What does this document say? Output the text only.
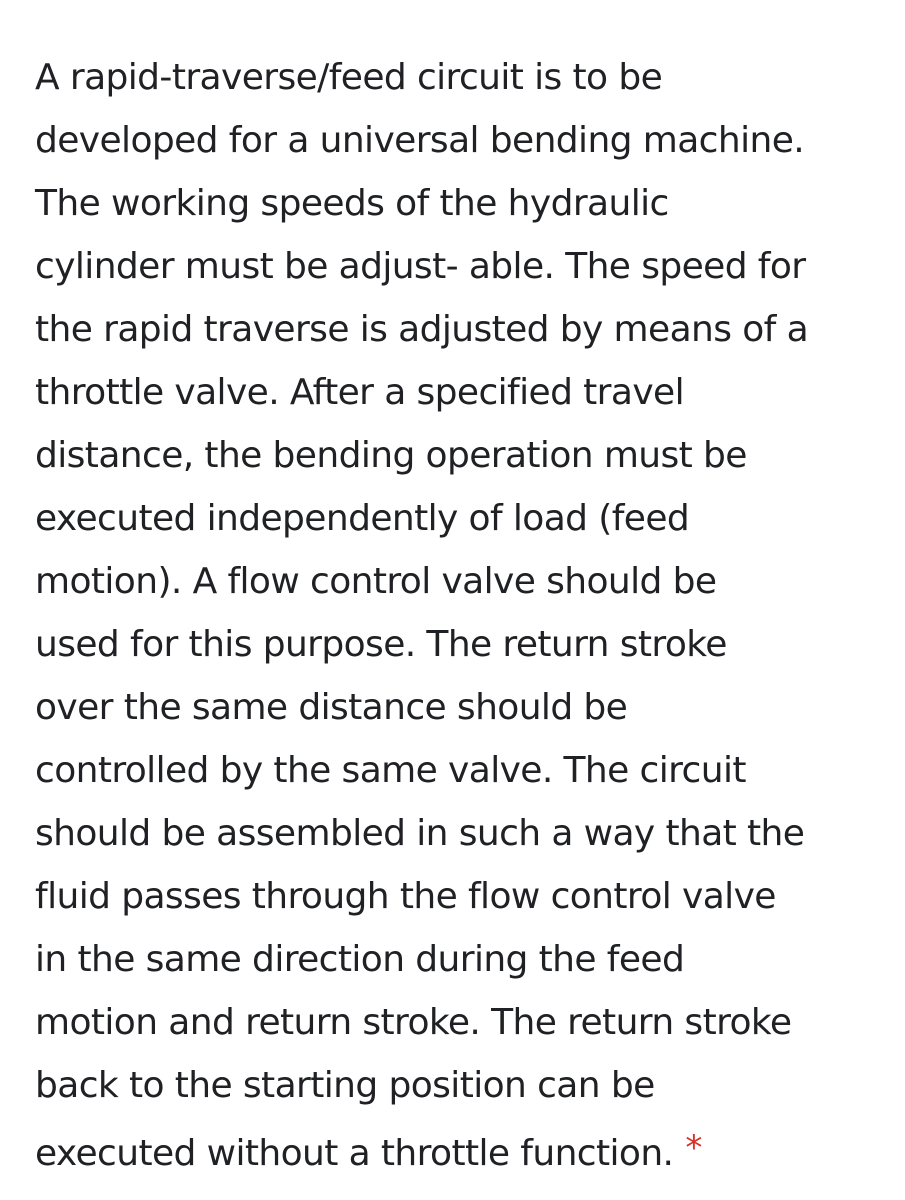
A rapid-traverse/feed circuit is to be
developed for a universal bending machine.
The working speeds of the hydraulic
cylinder must be adjust- able. The speed for
the rapid traverse is adjusted by means of a
throttle valve. After a specified travel
distance, the bending operation must be
executed independently of load (feed
motion). A flow control valve should be
used for this purpose. The return stroke
over the same distance should be
controlled by the same valve. The circuit
should be assembled in such a way that the
fluid passes through the flow control valve
in the same direction during the feed
motion and return stroke. The return stroke
back to the starting position can be
executed without a throttle function. *
